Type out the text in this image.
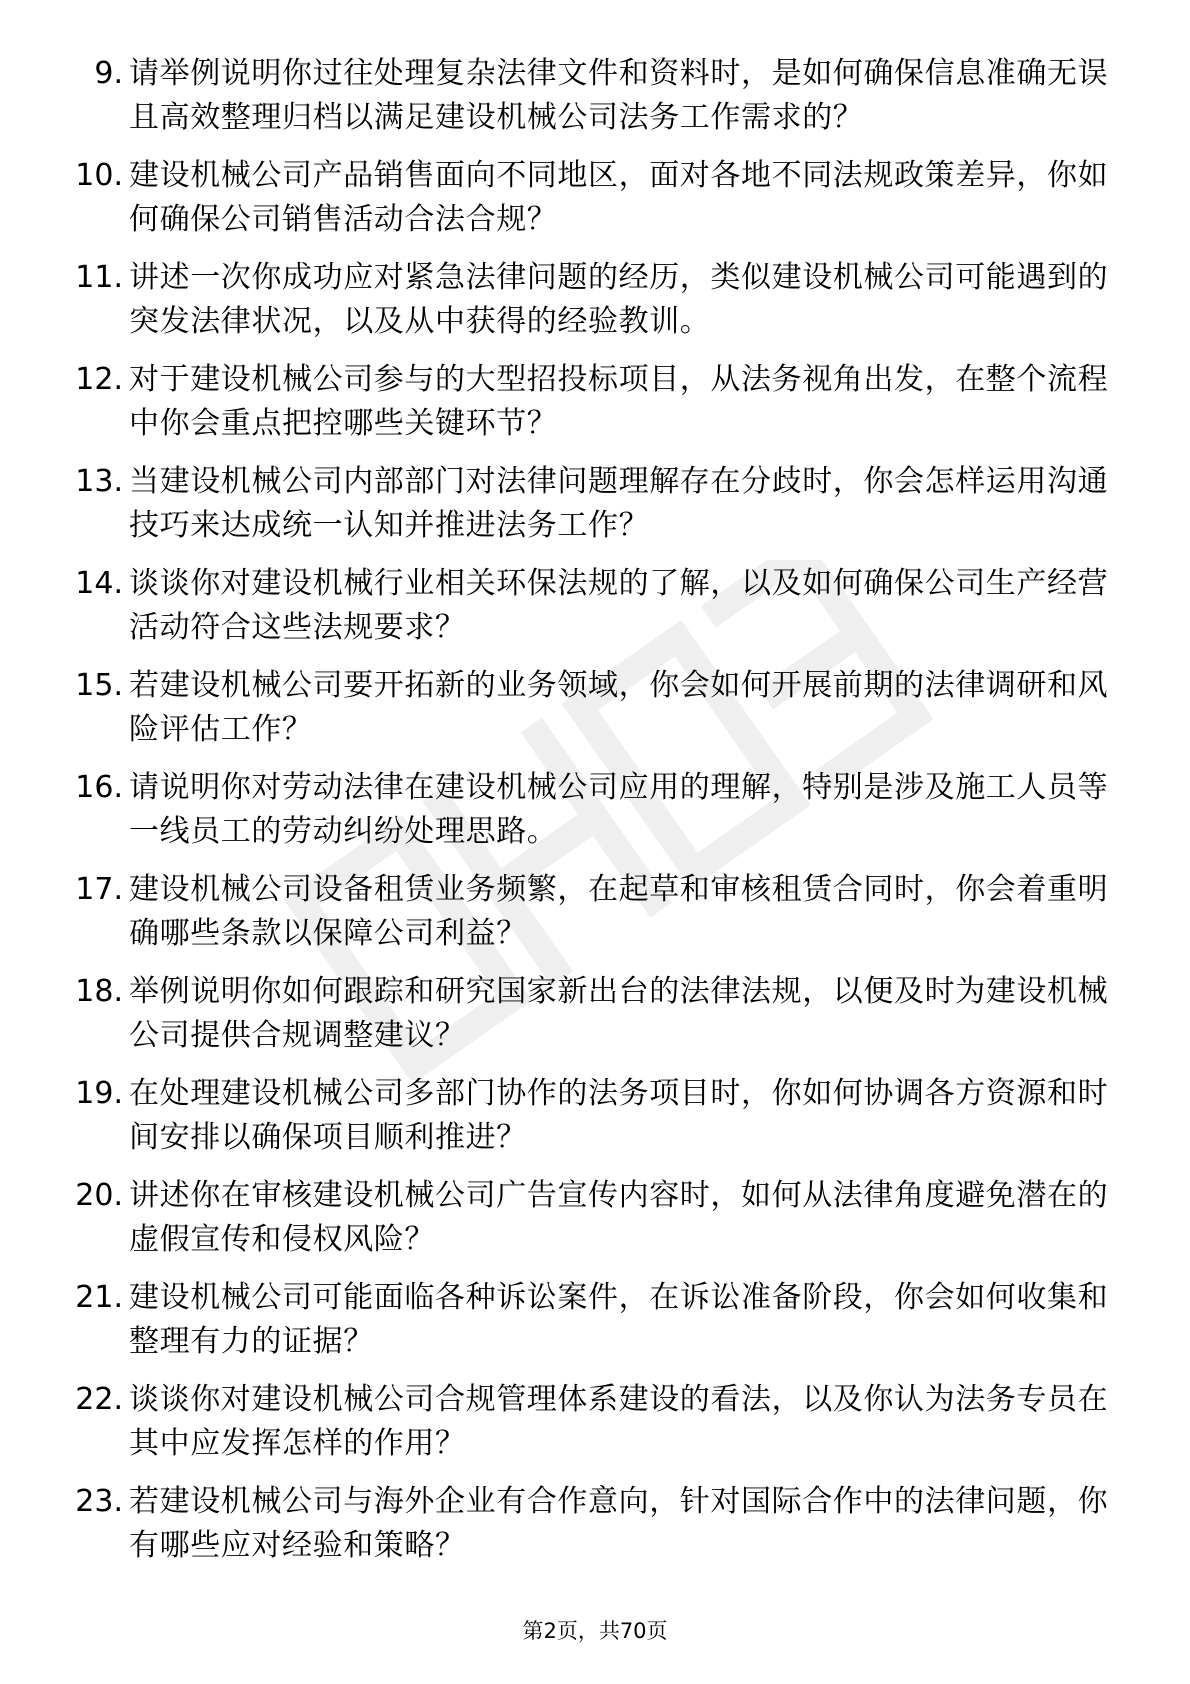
9. 请举例说明你过往处理复杂法律文件和资料时，是如何确保信息准确无误且高效整理归档以满足建设机械公司法务工作需求的？
10. 建设机械公司产品销售面向不同地区，面对各地不同法规政策差异，你如何确保公司销售活动合法合规？
11. 讲述一次你成功应对紧急法律问题的经历，类似建设机械公司可能遇到的突发法律状况，以及从中获得的经验教训。
12. 对于建设机械公司参与的大型招投标项目，从法务视角出发，在整个流程中你会重点把控哪些关键环节？
13. 当建设机械公司内部部门对法律问题理解存在分歧时，你会怎样运用沟通技巧来达成统一认知并推进法务工作？
14. 谈谈你对建设机械行业相关环保法规的了解，以及如何确保公司生产经营活动符合这些法规要求？
15. 若建设机械公司要开拓新的业务领域，你会如何开展前期的法律调研和风险评估工作？
16. 请说明你对劳动法律在建设机械公司应用的理解，特别是涉及施工人员等一线员工的劳动纠纷处理思路。
17. 建设机械公司设备租赁业务频繁，在起草和审核租赁合同时，你会着重明确哪些条款以保障公司利益？
18. 举例说明你如何跟踪和研究国家新出台的法律法规，以便及时为建设机械公司提供合规调整建议？
19. 在处理建设机械公司多部门协作的法务项目时，你如何协调各方资源和时间安排以确保项目顺利推进？
20. 讲述你在审核建设机械公司广告宣传内容时，如何从法律角度避免潜在的虚假宣传和侵权风险？
21. 建设机械公司可能面临各种诉讼案件，在诉讼准备阶段，你会如何收集和整理有力的证据？
22. 谈谈你对建设机械公司合规管理体系建设的看法，以及你认为法务专员在其中应发挥怎样的作用？
23. 若建设机械公司与海外企业有合作意向，针对国际合作中的法律问题，你有哪些应对经验和策略？
第2页，共70页
